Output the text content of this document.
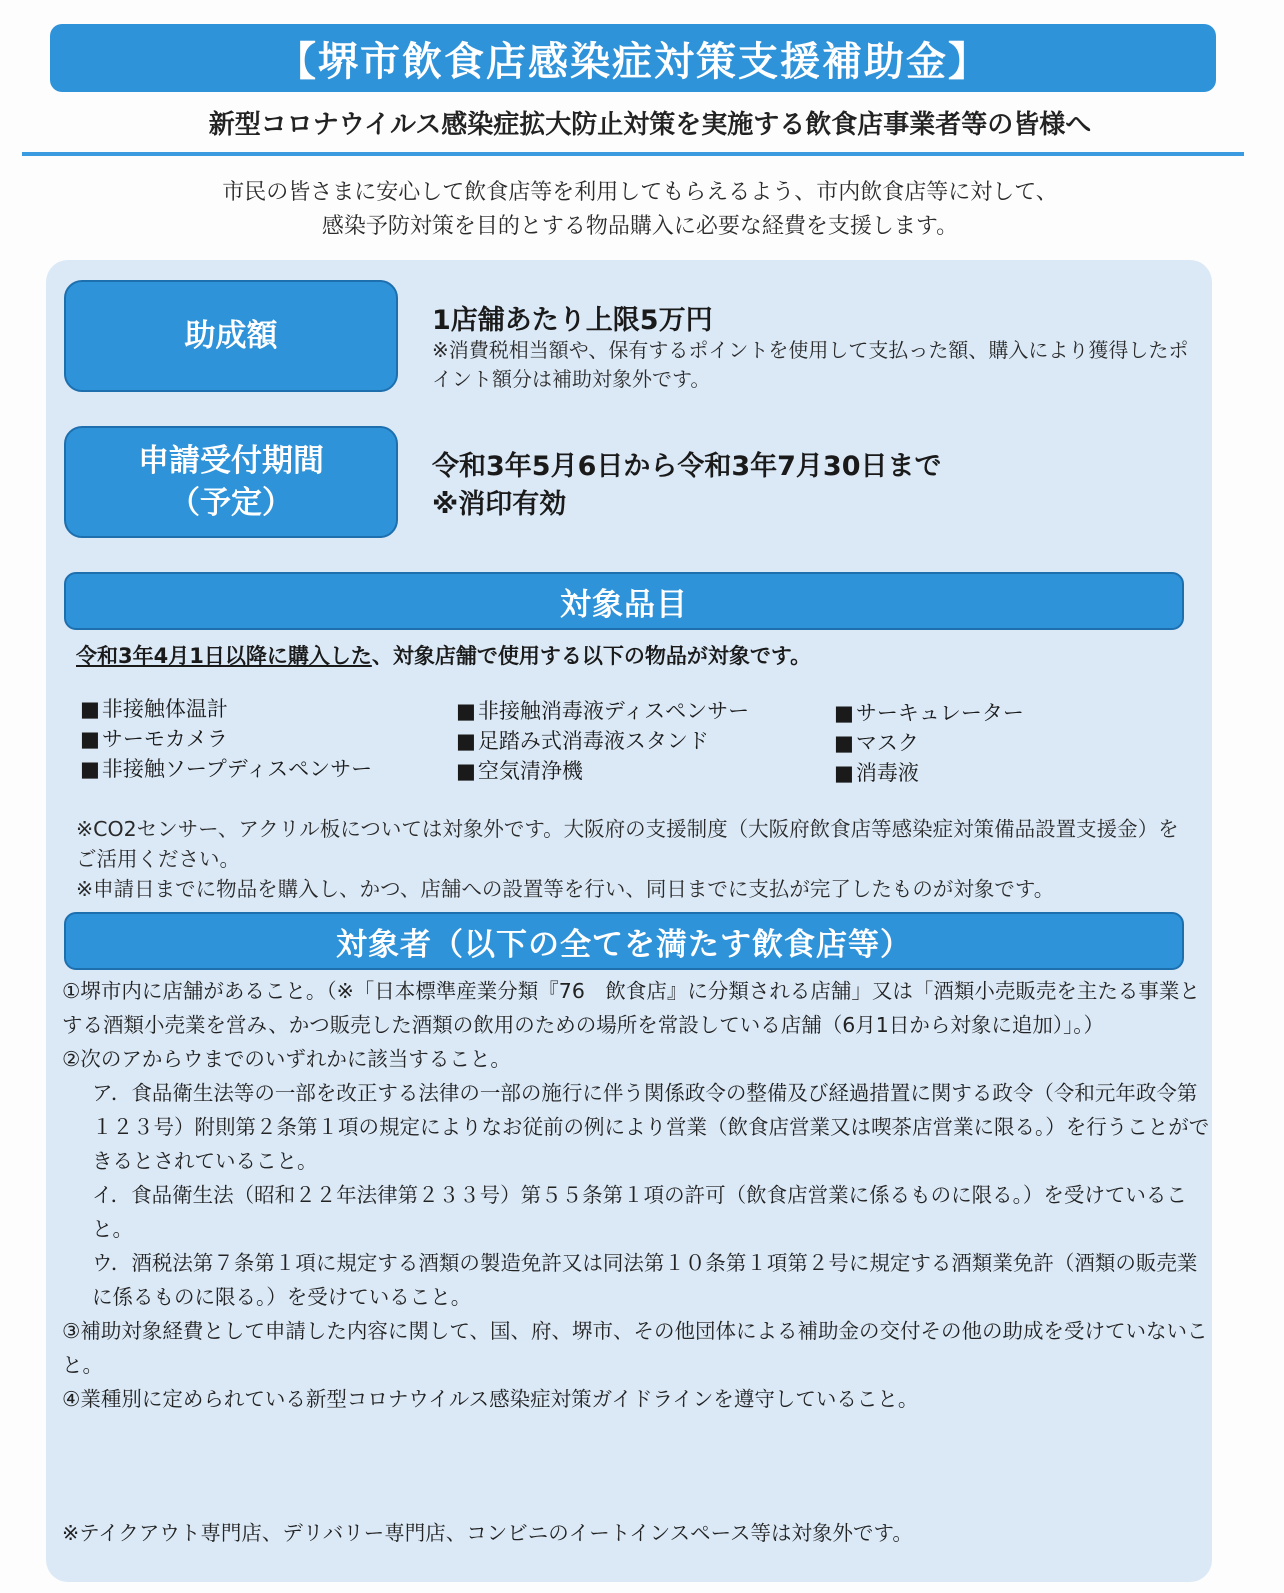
【堺市飲食店感染症対策支援補助金】
新型コロナウイルス感染症拡大防止対策を実施する飲食店事業者等の皆様へ
市民の皆さまに安心して飲食店等を利用してもらえるよう、市内飲食店等に対して、
感染予防対策を目的とする物品購入に必要な経費を支援します。
助成額	1店舗あたり上限5万円
※消費税相当額や、保有するポイントを使用して支払った額、購入により獲得したポイント額分は補助対象外です。
申請受付期間
（予定）
令和3年5月6日から令和3年7月30日まで
※消印有効
対象品目
令和3年4月1日以降に購入した、対象店舗で使用する以下の物品が対象です。
■ 非接触体温計
■ サーモカメラ
■ 非接触ソープディスペンサー
■ 非接触消毒液ディスペンサー
■ 足踏み式消毒液スタンド
■ 空気清浄機
■ サーキュレーター
■ マスク
■ 消毒液
※CO2センサー、アクリル板については対象外です。大阪府の支援制度（大阪府飲食店等感染症対策備品設置支援金）をご活用ください。
※申請日までに物品を購入し、かつ、店舗への設置等を行い、同日までに支払が完了したものが対象です。
対象者（以下の全てを満たす飲食店等）
①堺市内に店舗があること。（※「日本標準産業分類『76　飲食店』に分類される店舗」又は「酒類小売販売を主たる事業とする酒類小売業を営み、かつ販売した酒類の飲用のための場所を常設している店舗（6月1日から対象に追加）」。）
②次のアからウまでのいずれかに該当すること。
ア．食品衛生法等の一部を改正する法律の一部の施行に伴う関係政令の整備及び経過措置に関する政令（令和元年政令第１２３号）附則第２条第１項の規定によりなお従前の例により営業（飲食店営業又は喫茶店営業に限る。）を行うことができるとされていること。
イ．食品衛生法（昭和２２年法律第２３３号）第５５条第１項の許可（飲食店営業に係るものに限る。）を受けていること。
ウ．酒税法第７条第１項に規定する酒類の製造免許又は同法第１０条第１項第２号に規定する酒類業免許（酒類の販売業に係るものに限る。）を受けていること。
③補助対象経費として申請した内容に関して、国、府、堺市、その他団体による補助金の交付その他の助成を受けていないこと。
④業種別に定められている新型コロナウイルス感染症対策ガイドラインを遵守していること。
※テイクアウト専門店、デリバリー専門店、コンビニのイートインスペース等は対象外です。
